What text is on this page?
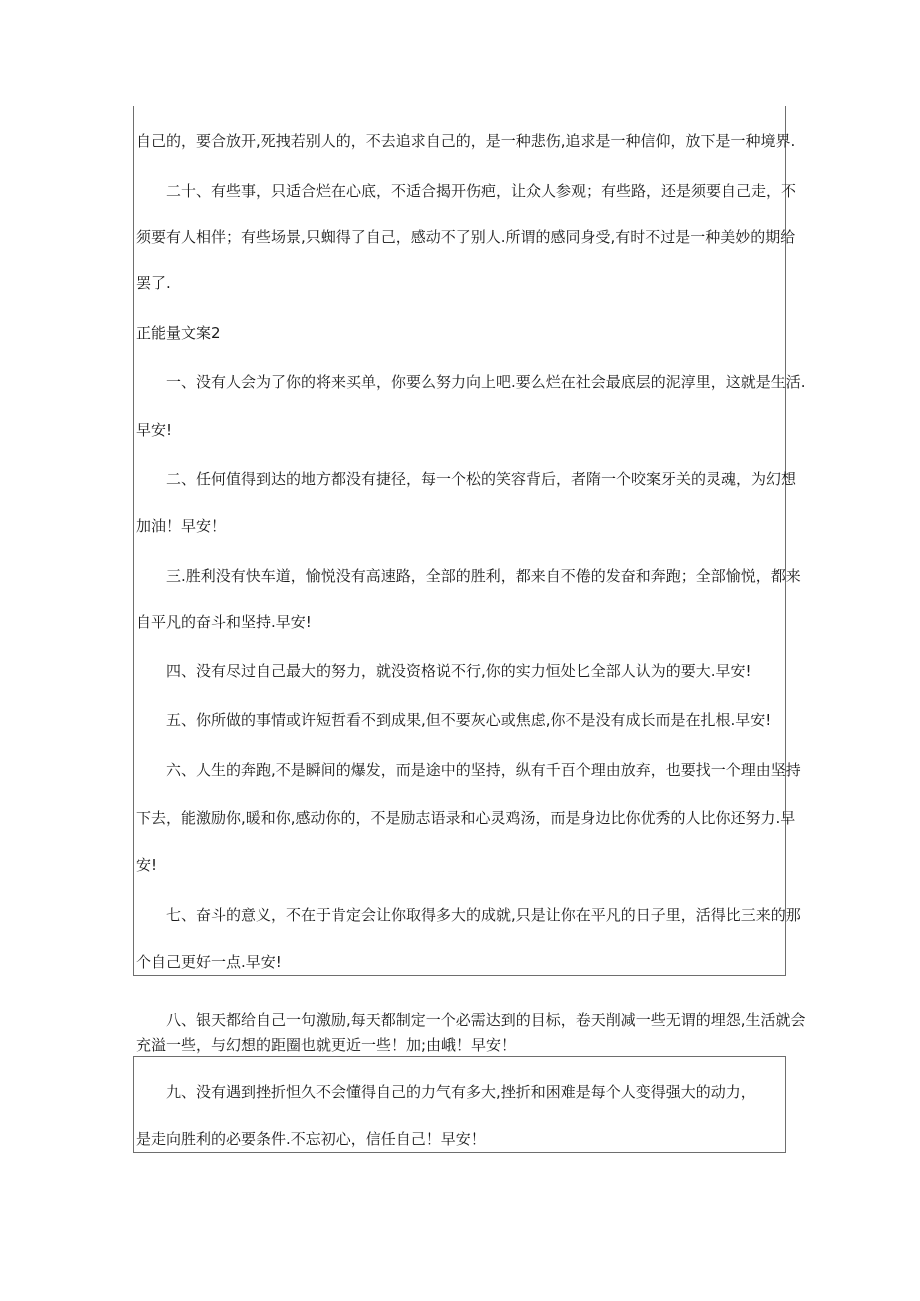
自己的，要合放开,死拽若别人的，不去追求自己的，是一种悲伤,追求是一种信仰，放下是一种境界.
二十、有些事，只适合烂在心底，不适合揭开伤疤，让众人参观；有些路，还是须要自己走，不
须要有人相伴；有些场景,只蜘得了自己，感动不了别人.所谓的感同身受,有时不过是一种美妙的期给
罢了.
正能量文案2
一、没有人会为了你的将来买单，你要么努力向上吧.要么烂在社会最底层的泥淳里，这就是生活.
早安!
二、任何值得到达的地方都没有捷径，每一个松的笑容背后，者隋一个咬案牙关的灵魂，为幻想
加油！早安！
三.胜利没有快车道，愉悦没有高速路，全部的胜利，都来自不倦的发奋和奔跑；全部愉悦，都来
自平凡的奋斗和坚持.早安!
四、没有尽过自己最大的努力，就没资格说不行,你的实力恒处匕全部人认为的要大.早安!
五、你所做的事情或许短哲看不到成果,但不要灰心或焦虑,你不是没有成长而是在扎根.早安!
六、人生的奔跑,不是瞬间的爆发，而是途中的坚持，纵有千百个理由放弃，也要找一个理由坚持
下去，能激励你,暖和你,感动你的，不是励志语录和心灵鸡汤，而是身边比你优秀的人比你还努力.早
安!
七、奋斗的意义，不在于肯定会让你取得多大的成就,只是让你在平凡的日子里，活得比三来的那
个自己更好一点.早安!
八、银天都给自己一句激励,每天都制定一个必需达到的目标，卷天削减一些无谓的埋怨,生活就会
充溢一些，与幻想的距圈也就更近一些！加;由峨！早安！
九、没有遇到挫折怛久不会懂得自己的力气有多大,挫折和困难是每个人变得强大的动力，
是走向胜利的必要条件.不忘初心，信任自己！早安！
